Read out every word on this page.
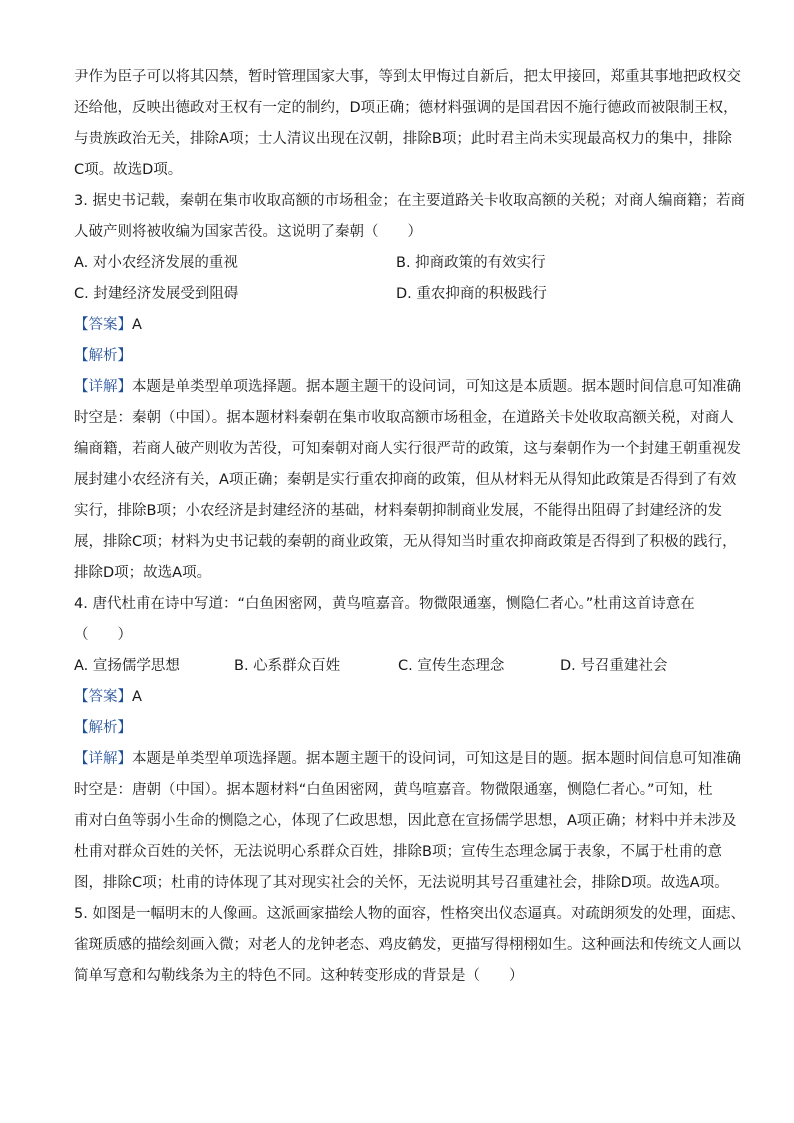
尹作为臣子可以将其囚禁，暂时管理国家大事，等到太甲悔过自新后，把太甲接回，郑重其事地把政权交
还给他，反映出德政对王权有一定的制约，D项正确；德材料强调的是国君因不施行德政而被限制王权，
与贵族政治无关，排除A项；士人清议出现在汉朝，排除B项；此时君主尚未实现最高权力的集中，排除
C项。故选D项。
3. 据史书记载，秦朝在集市收取高额的市场租金；在主要道路关卡收取高额的关税；对商人编商籍；若商
人破产则将被收编为国家苦役。这说明了秦朝（　　）
A. 对小农经济发展的重视	B. 抑商政策的有效实行
C. 封建经济发展受到阻碍	D. 重农抑商的积极践行
【答案】A
【解析】
【详解】本题是单类型单项选择题。据本题主题干的设问词，可知这是本质题。据本题时间信息可知准确
时空是：秦朝（中国）。据本题材料秦朝在集市收取高额市场租金，在道路关卡处收取高额关税，对商人
编商籍，若商人破产则收为苦役，可知秦朝对商人实行很严苛的政策，这与秦朝作为一个封建王朝重视发
展封建小农经济有关，A项正确；秦朝是实行重农抑商的政策，但从材料无从得知此政策是否得到了有效
实行，排除B项；小农经济是封建经济的基础，材料秦朝抑制商业发展，不能得出阻碍了封建经济的发
展，排除C项；材料为史书记载的秦朝的商业政策，无从得知当时重农抑商政策是否得到了积极的践行，
排除D项；故选A项。
4. 唐代杜甫在诗中写道：“白鱼困密网，黄鸟喧嘉音。物微限通塞，恻隐仁者心。”杜甫这首诗意在
（　　）
A. 宣扬儒学思想	B. 心系群众百姓	C. 宣传生态理念	D. 号召重建社会
【答案】A
【解析】
【详解】本题是单类型单项选择题。据本题主题干的设问词，可知这是目的题。据本题时间信息可知准确
时空是：唐朝（中国）。据本题材料“白鱼困密网，黄鸟喧嘉音。物微限通塞，恻隐仁者心。”可知，杜
甫对白鱼等弱小生命的恻隐之心，体现了仁政思想，因此意在宣扬儒学思想，A项正确；材料中并未涉及
杜甫对群众百姓的关怀，无法说明心系群众百姓，排除B项；宣传生态理念属于表象，不属于杜甫的意
图，排除C项；杜甫的诗体现了其对现实社会的关怀，无法说明其号召重建社会，排除D项。故选A项。
5. 如图是一幅明末的人像画。这派画家描绘人物的面容，性格突出仪态逼真。对疏朗须发的处理，面痣、
雀斑质感的描绘刻画入微；对老人的龙钟老态、鸡皮鹤发，更描写得栩栩如生。这种画法和传统文人画以
简单写意和勾勒线条为主的特色不同。这种转变形成的背景是（　　）
